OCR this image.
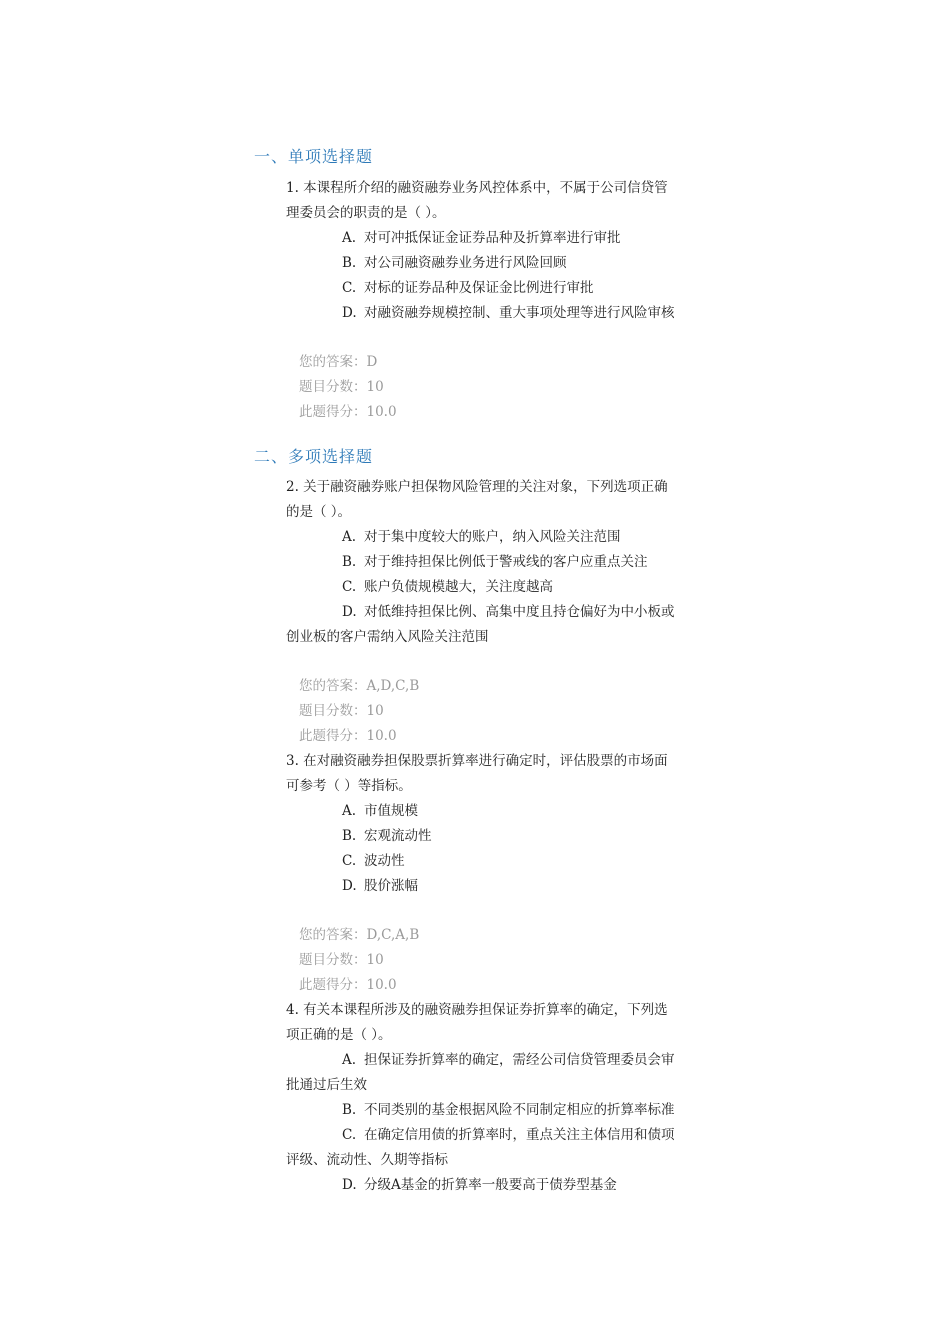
一、单项选择题
1. 本课程所介绍的融资融券业务风控体系中，不属于公司信贷管
理委员会的职责的是（ ）。
A. 对可冲抵保证金证券品种及折算率进行审批
B. 对公司融资融券业务进行风险回顾
C. 对标的证券品种及保证金比例进行审批
D. 对融资融券规模控制、重大事项处理等进行风险审核
您的答案：D
题目分数：10
此题得分：10.0
二、多项选择题
2. 关于融资融券账户担保物风险管理的关注对象，下列选项正确
的是（ ）。
A. 对于集中度较大的账户，纳入风险关注范围
B. 对于维持担保比例低于警戒线的客户应重点关注
C. 账户负债规模越大，关注度越高
D. 对低维持担保比例、高集中度且持仓偏好为中小板或
创业板的客户需纳入风险关注范围
您的答案：A,D,C,B
题目分数：10
此题得分：10.0
3. 在对融资融券担保股票折算率进行确定时，评估股票的市场面
可参考（ ）等指标。
A. 市值规模
B. 宏观流动性
C. 波动性
D. 股价涨幅
您的答案：D,C,A,B
题目分数：10
此题得分：10.0
4. 有关本课程所涉及的融资融券担保证券折算率的确定，下列选
项正确的是（ ）。
A. 担保证券折算率的确定，需经公司信贷管理委员会审
批通过后生效
B. 不同类别的基金根据风险不同制定相应的折算率标准
C. 在确定信用债的折算率时，重点关注主体信用和债项
评级、流动性、久期等指标
D. 分级A基金的折算率一般要高于债券型基金
